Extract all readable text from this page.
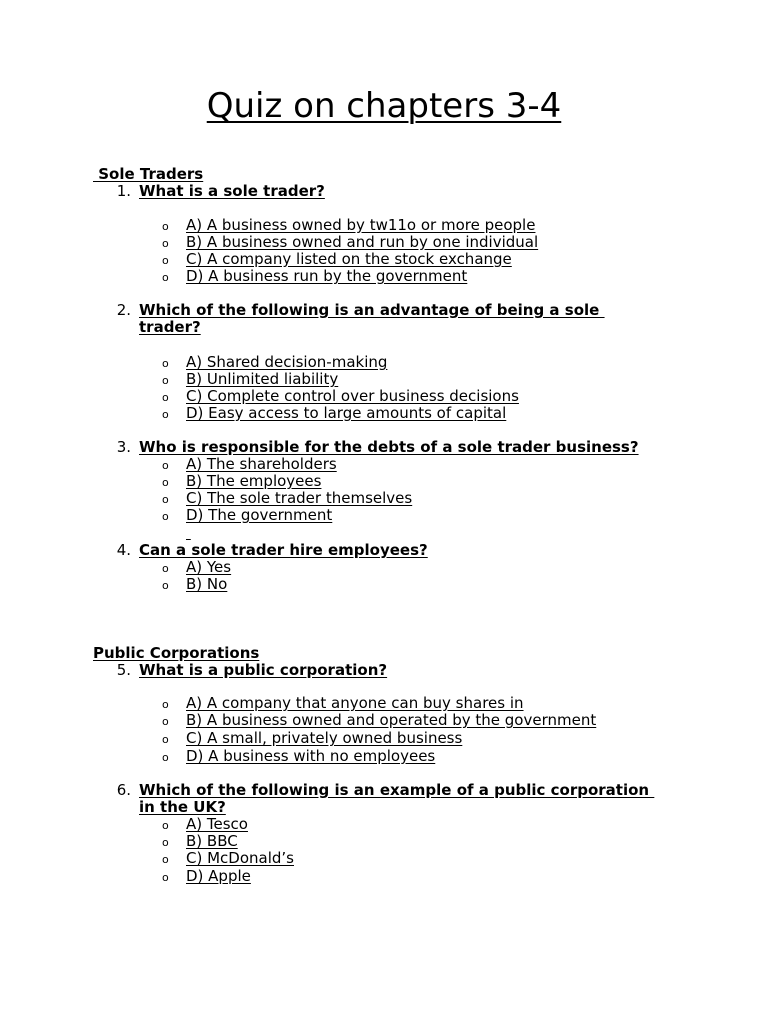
Quiz on chapters 3-4
Sole Traders
1. What is a sole trader?
o A) A business owned by tw11o or more people
o B) A business owned and run by one individual
o C) A company listed on the stock exchange
o D) A business run by the government
2. Which of the following is an advantage of being a sole
trader?
o A) Shared decision-making
o B) Unlimited liability
o C) Complete control over business decisions
o D) Easy access to large amounts of capital
3. Who is responsible for the debts of a sole trader business?
o A) The shareholders
o B) The employees
o C) The sole trader themselves
o D) The government

4. Can a sole trader hire employees?
o A) Yes
o B) No
Public Corporations
5. What is a public corporation?
o A) A company that anyone can buy shares in
o B) A business owned and operated by the government
o C) A small, privately owned business
o D) A business with no employees
6. Which of the following is an example of a public corporation
in the UK?
o A) Tesco
o B) BBC
o C) McDonald’s
o D) Apple
